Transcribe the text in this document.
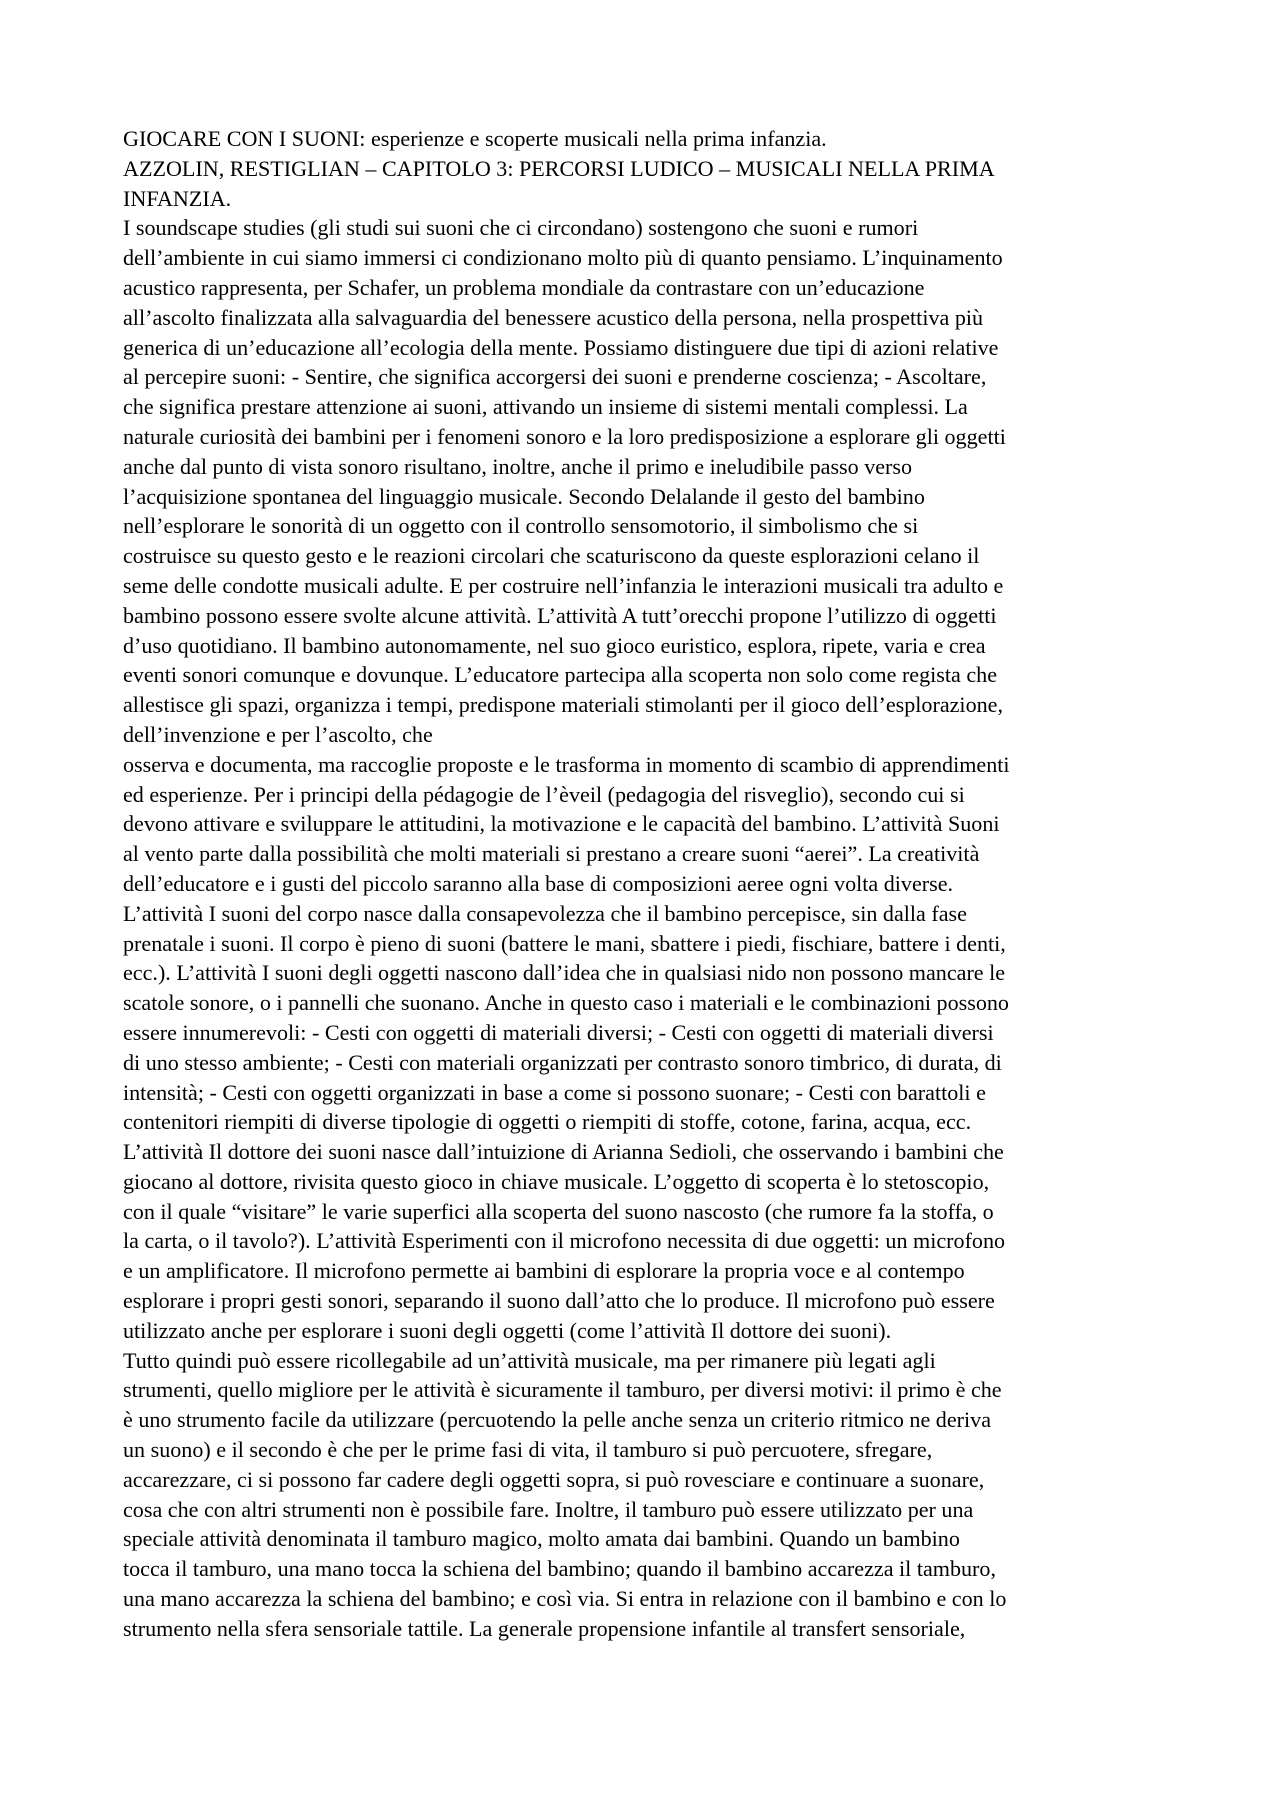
GIOCARE CON I SUONI: esperienze e scoperte musicali nella prima infanzia.
AZZOLIN, RESTIGLIAN – CAPITOLO 3: PERCORSI LUDICO – MUSICALI NELLA PRIMA
INFANZIA.
I soundscape studies (gli studi sui suoni che ci circondano) sostengono che suoni e rumori
dell’ambiente in cui siamo immersi ci condizionano molto più di quanto pensiamo. L’inquinamento
acustico rappresenta, per Schafer, un problema mondiale da contrastare con un’educazione
all’ascolto finalizzata alla salvaguardia del benessere acustico della persona, nella prospettiva più
generica di un’educazione all’ecologia della mente. Possiamo distinguere due tipi di azioni relative
al percepire suoni: - Sentire, che significa accorgersi dei suoni e prenderne coscienza; - Ascoltare,
che significa prestare attenzione ai suoni, attivando un insieme di sistemi mentali complessi. La
naturale curiosità dei bambini per i fenomeni sonoro e la loro predisposizione a esplorare gli oggetti
anche dal punto di vista sonoro risultano, inoltre, anche il primo e ineludibile passo verso
l’acquisizione spontanea del linguaggio musicale. Secondo Delalande il gesto del bambino
nell’esplorare le sonorità di un oggetto con il controllo sensomotorio, il simbolismo che si
costruisce su questo gesto e le reazioni circolari che scaturiscono da queste esplorazioni celano il
seme delle condotte musicali adulte. E per costruire nell’infanzia le interazioni musicali tra adulto e
bambino possono essere svolte alcune attività. L’attività A tutt’orecchi propone l’utilizzo di oggetti
d’uso quotidiano. Il bambino autonomamente, nel suo gioco euristico, esplora, ripete, varia e crea
eventi sonori comunque e dovunque. L’educatore partecipa alla scoperta non solo come regista che
allestisce gli spazi, organizza i tempi, predispone materiali stimolanti per il gioco dell’esplorazione,
dell’invenzione e per l’ascolto, che
osserva e documenta, ma raccoglie proposte e le trasforma in momento di scambio di apprendimenti
ed esperienze. Per i principi della pédagogie de l’èveil (pedagogia del risveglio), secondo cui si
devono attivare e sviluppare le attitudini, la motivazione e le capacità del bambino. L’attività Suoni
al vento parte dalla possibilità che molti materiali si prestano a creare suoni “aerei”. La creatività
dell’educatore e i gusti del piccolo saranno alla base di composizioni aeree ogni volta diverse.
L’attività I suoni del corpo nasce dalla consapevolezza che il bambino percepisce, sin dalla fase
prenatale i suoni. Il corpo è pieno di suoni (battere le mani, sbattere i piedi, fischiare, battere i denti,
ecc.). L’attività I suoni degli oggetti nascono dall’idea che in qualsiasi nido non possono mancare le
scatole sonore, o i pannelli che suonano. Anche in questo caso i materiali e le combinazioni possono
essere innumerevoli: - Cesti con oggetti di materiali diversi; - Cesti con oggetti di materiali diversi
di uno stesso ambiente; - Cesti con materiali organizzati per contrasto sonoro timbrico, di durata, di
intensità; - Cesti con oggetti organizzati in base a come si possono suonare; - Cesti con barattoli e
contenitori riempiti di diverse tipologie di oggetti o riempiti di stoffe, cotone, farina, acqua, ecc.
L’attività Il dottore dei suoni nasce dall’intuizione di Arianna Sedioli, che osservando i bambini che
giocano al dottore, rivisita questo gioco in chiave musicale. L’oggetto di scoperta è lo stetoscopio,
con il quale “visitare” le varie superfici alla scoperta del suono nascosto (che rumore fa la stoffa, o
la carta, o il tavolo?). L’attività Esperimenti con il microfono necessita di due oggetti: un microfono
e un amplificatore. Il microfono permette ai bambini di esplorare la propria voce e al contempo
esplorare i propri gesti sonori, separando il suono dall’atto che lo produce. Il microfono può essere
utilizzato anche per esplorare i suoni degli oggetti (come l’attività Il dottore dei suoni).
Tutto quindi può essere ricollegabile ad un’attività musicale, ma per rimanere più legati agli
strumenti, quello migliore per le attività è sicuramente il tamburo, per diversi motivi: il primo è che
è uno strumento facile da utilizzare (percuotendo la pelle anche senza un criterio ritmico ne deriva
un suono) e il secondo è che per le prime fasi di vita, il tamburo si può percuotere, sfregare,
accarezzare, ci si possono far cadere degli oggetti sopra, si può rovesciare e continuare a suonare,
cosa che con altri strumenti non è possibile fare. Inoltre, il tamburo può essere utilizzato per una
speciale attività denominata il tamburo magico, molto amata dai bambini. Quando un bambino
tocca il tamburo, una mano tocca la schiena del bambino; quando il bambino accarezza il tamburo,
una mano accarezza la schiena del bambino; e così via. Si entra in relazione con il bambino e con lo
strumento nella sfera sensoriale tattile. La generale propensione infantile al transfert sensoriale,
